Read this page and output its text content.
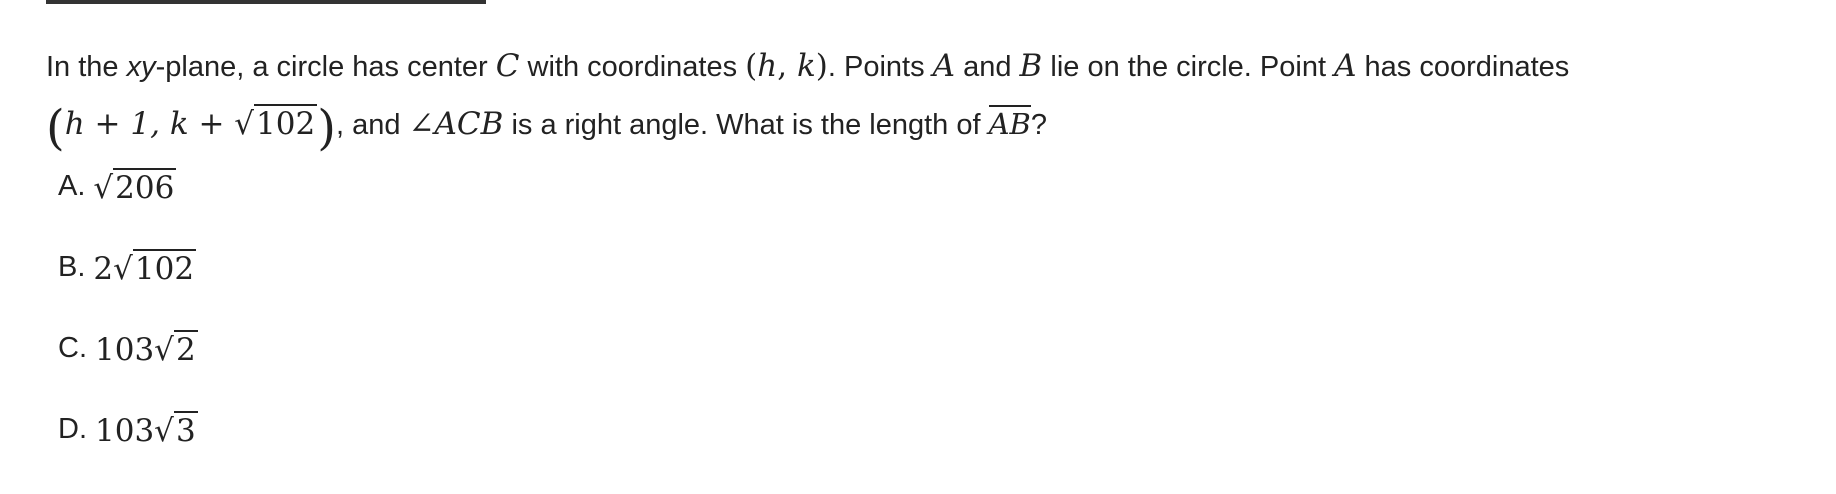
In the xy-plane, a circle has center C with coordinates (h, k). Points A and B lie on the circle. Point A has coordinates
(h + 1, k + √102), and ∠ACB is a right angle. What is the length of AB?
A. √206
B. 2√102
C. 103√2
D. 103√3
